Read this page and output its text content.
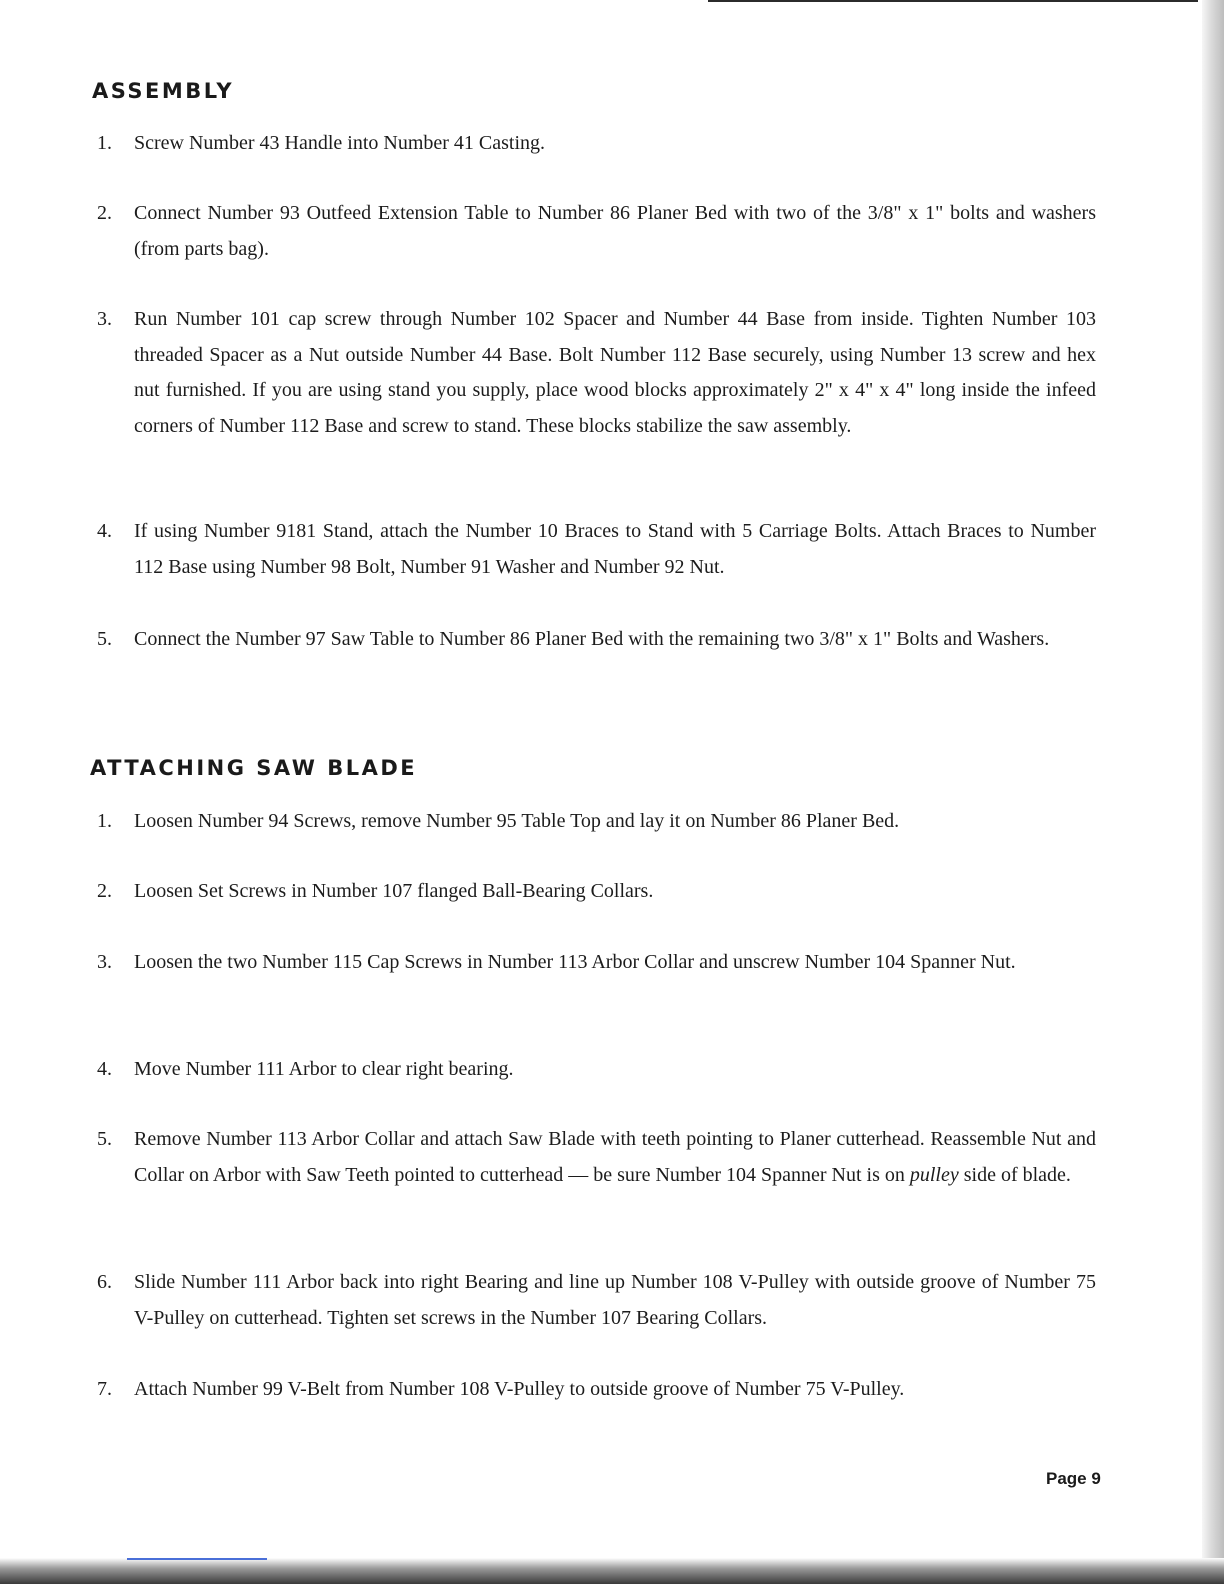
ASSEMBLY
1. Screw Number 43 Handle into Number 41 Casting.

2. Connect Number 93 Outfeed Extension Table to Number 86 Planer Bed with two of the 3/8" x 1" bolts and washers (from parts bag).

3. Run Number 101 cap screw through Number 102 Spacer and Number 44 Base from inside. Tighten Number 103 threaded Spacer as a Nut outside Number 44 Base. Bolt Number 112 Base securely, using Number 13 screw and hex nut furnished. If you are using stand you supply, place wood blocks approximately 2" x 4" x 4" long inside the infeed corners of Number 112 Base and screw to stand. These blocks stabilize the saw assembly.

4. If using Number 9181 Stand, attach the Number 10 Braces to Stand with 5 Carriage Bolts. Attach Braces to Number 112 Base using Number 98 Bolt, Number 91 Washer and Number 92 Nut.

5. Connect the Number 97 Saw Table to Number 86 Planer Bed with the remaining two 3/8" x 1" Bolts and Washers.

ATTACHING SAW BLADE
1. Loosen Number 94 Screws, remove Number 95 Table Top and lay it on Number 86 Planer Bed.

2. Loosen Set Screws in Number 107 flanged Ball-Bearing Collars.

3. Loosen the two Number 115 Cap Screws in Number 113 Arbor Collar and unscrew Number 104 Spanner Nut.

4. Move Number 111 Arbor to clear right bearing.

5. Remove Number 113 Arbor Collar and attach Saw Blade with teeth pointing to Planer cutterhead. Reassemble Nut and Collar on Arbor with Saw Teeth pointed to cutterhead — be sure Number 104 Spanner Nut is on pulley side of blade.

6. Slide Number 111 Arbor back into right Bearing and line up Number 108 V-Pulley with outside groove of Number 75 V-Pulley on cutterhead. Tighten set screws in the Number 107 Bearing Collars.

7. Attach Number 99 V-Belt from Number 108 V-Pulley to outside groove of Number 75 V-Pulley.

Page 9
